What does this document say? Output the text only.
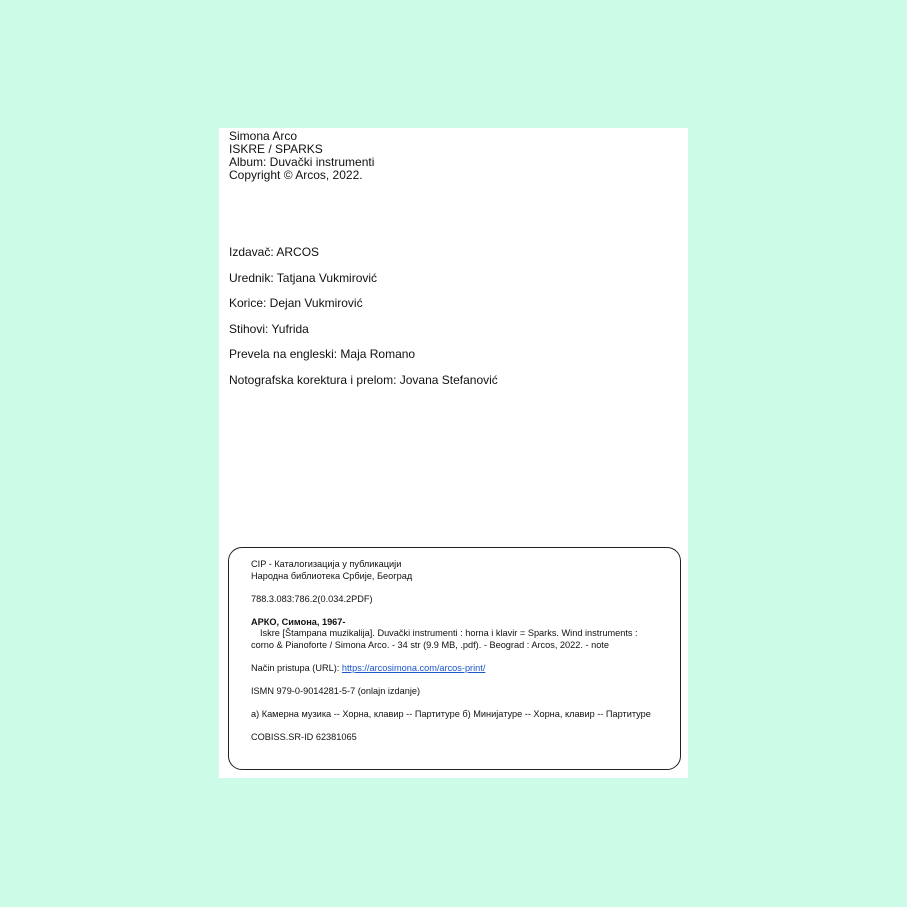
Simona Arco
ISKRE / SPARKS
Album: Duvački instrumenti
Copyright © Arcos, 2022.
Izdavač: ARCOS
Urednik: Tatjana Vukmirović
Korice: Dejan Vukmirović
Stihovi: Yufrida
Prevela na engleski: Maja Romano
Notografska korektura i prelom: Jovana Stefanović
CIP - Каталогизација у публикацији
Народна библиотека Србије, Београд
788.3.083:786.2(0.034.2PDF)
АРКО, Симона, 1967-
Iskre [Štampana muzikalija]. Duvački instrumenti : horna i klavir = Sparks. Wind instruments :
corno & Pianoforte / Simona Arco. - 34 str (9.9 MB, .pdf). - Beograd : Arcos, 2022. - note
Način pristupa (URL): https://arcosimona.com/arcos-print/
ISMN 979-0-9014281-5-7 (onlajn izdanje)
а) Камерна музика -- Хорна, клавир -- Партитуре б) Минијатуре -- Хорна, клавир -- Партитуре
COBISS.SR-ID 62381065
